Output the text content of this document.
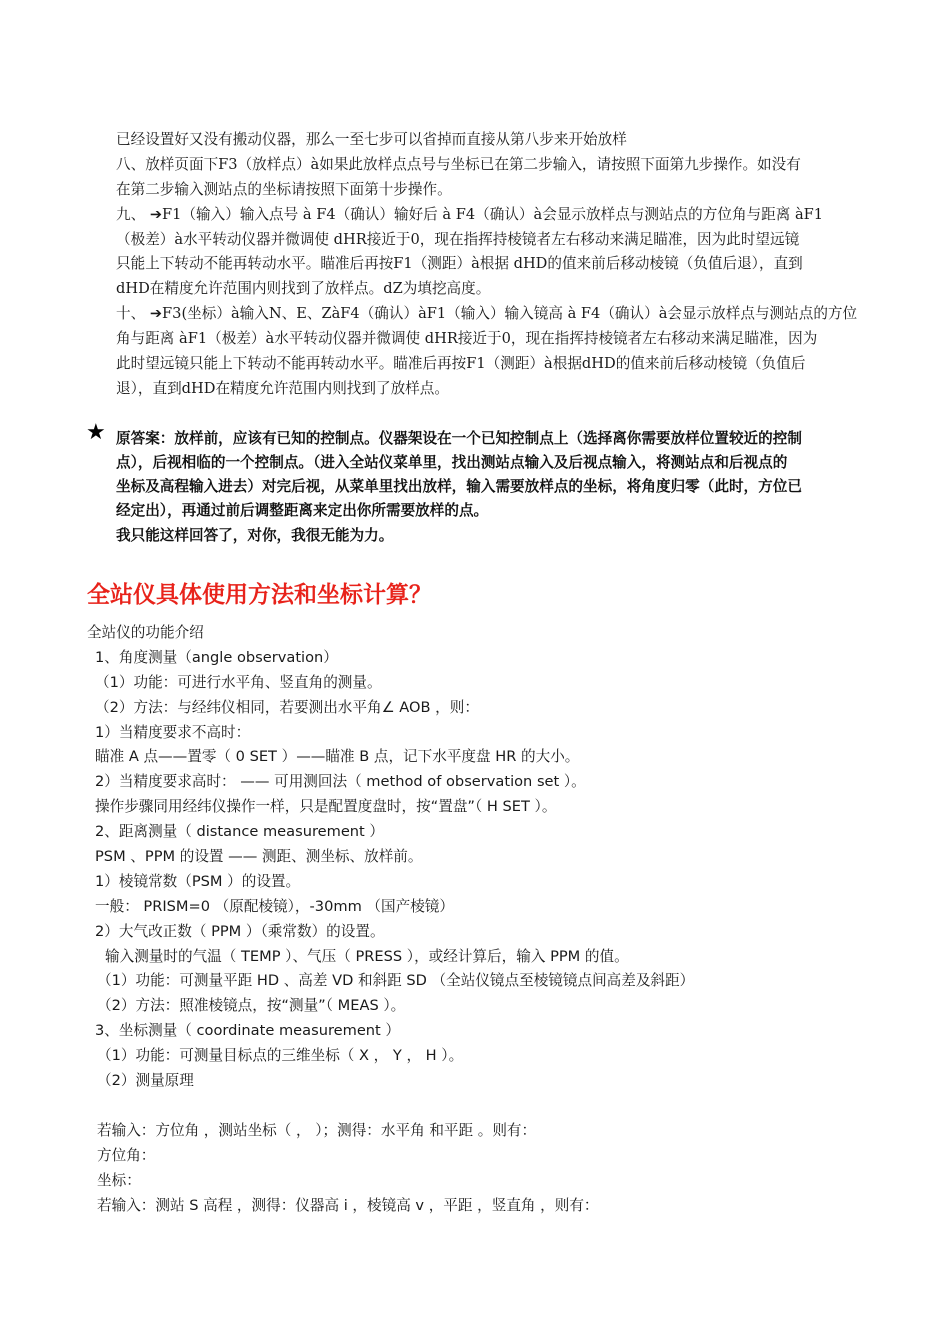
已经设置好又没有搬动仪器，那么一至七步可以省掉而直接从第八步来开始放样
八、放样页面下F3（放样点）à如果此放样点点号与坐标已在第二步输入，请按照下面第九步操作。如没有
在第二步输入测站点的坐标请按照下面第十步操作。
九、 ➔F1（输入）输入点号 à F4（确认）输好后 à F4（确认）à会显示放样点与测站点的方位角与距离 àF1
（极差）à水平转动仪器并微调使 dHR接近于0，现在指挥持棱镜者左右移动来满足瞄准，因为此时望远镜
只能上下转动不能再转动水平。瞄准后再按F1（测距）à根据 dHD的值来前后移动棱镜（负值后退），直到
dHD在精度允许范围内则找到了放样点。dZ为填挖高度。
十、 ➔F3(坐标）à输入N、E、ZàF4（确认）àF1（输入）输入镜高 à F4（确认）à会显示放样点与测站点的方位
角与距离 àF1（极差）à水平转动仪器并微调使 dHR接近于0，现在指挥持棱镜者左右移动来满足瞄准，因为
此时望远镜只能上下转动不能再转动水平。瞄准后再按F1（测距）à根据dHD的值来前后移动棱镜（负值后
退），直到dHD在精度允许范围内则找到了放样点。
★ 原答案：放样前，应该有已知的控制点。仪器架设在一个已知控制点上（选择离你需要放样位置较近的控制
点），后视相临的一个控制点。（进入全站仪菜单里，找出测站点输入及后视点输入，将测站点和后视点的
坐标及高程输入进去）对完后视，从菜单里找出放样，输入需要放样点的坐标，将角度归零（此时，方位已
经定出），再通过前后调整距离来定出你所需要放样的点。
我只能这样回答了，对你，我很无能为力。
全站仪具体使用方法和坐标计算？
全站仪的功能介绍
1、角度测量（angle observation）
（1）功能：可进行水平角、竖直角的测量。
（2）方法：与经纬仪相同，若要测出水平角∠ AOB ，则：
1）当精度要求不高时：
瞄准 A 点——置零（ 0 SET ）——瞄准 B 点，记下水平度盘 HR 的大小。
2）当精度要求高时： —— 可用测回法（ method of observation set ）。
操作步骤同用经纬仪操作一样，只是配置度盘时，按“置盘”（ H SET ）。
2、距离测量（ distance measurement ）
PSM 、PPM 的设置 —— 测距、测坐标、放样前。
1）棱镜常数（PSM ）的设置。
一般： PRISM=0 （原配棱镜），-30mm （国产棱镜）
2）大气改正数（ PPM ）（乘常数）的设置。
输入测量时的气温（ TEMP ）、气压（ PRESS ），或经计算后，输入 PPM 的值。
（1）功能：可测量平距 HD 、高差 VD 和斜距 SD （全站仪镜点至棱镜镜点间高差及斜距）
（2）方法：照准棱镜点，按“测量”（ MEAS ）。
3、坐标测量（ coordinate measurement ）
（1）功能：可测量目标点的三维坐标（ X ， Y ， H ）。
（2）测量原理
若输入：方位角 ，测站坐标（ ， ）；测得：水平角 和平距 。则有：
方位角：
坐标：
若输入：测站 S 高程 ，测得：仪器高 i ，棱镜高 v ，平距 ，竖直角 ，则有：
